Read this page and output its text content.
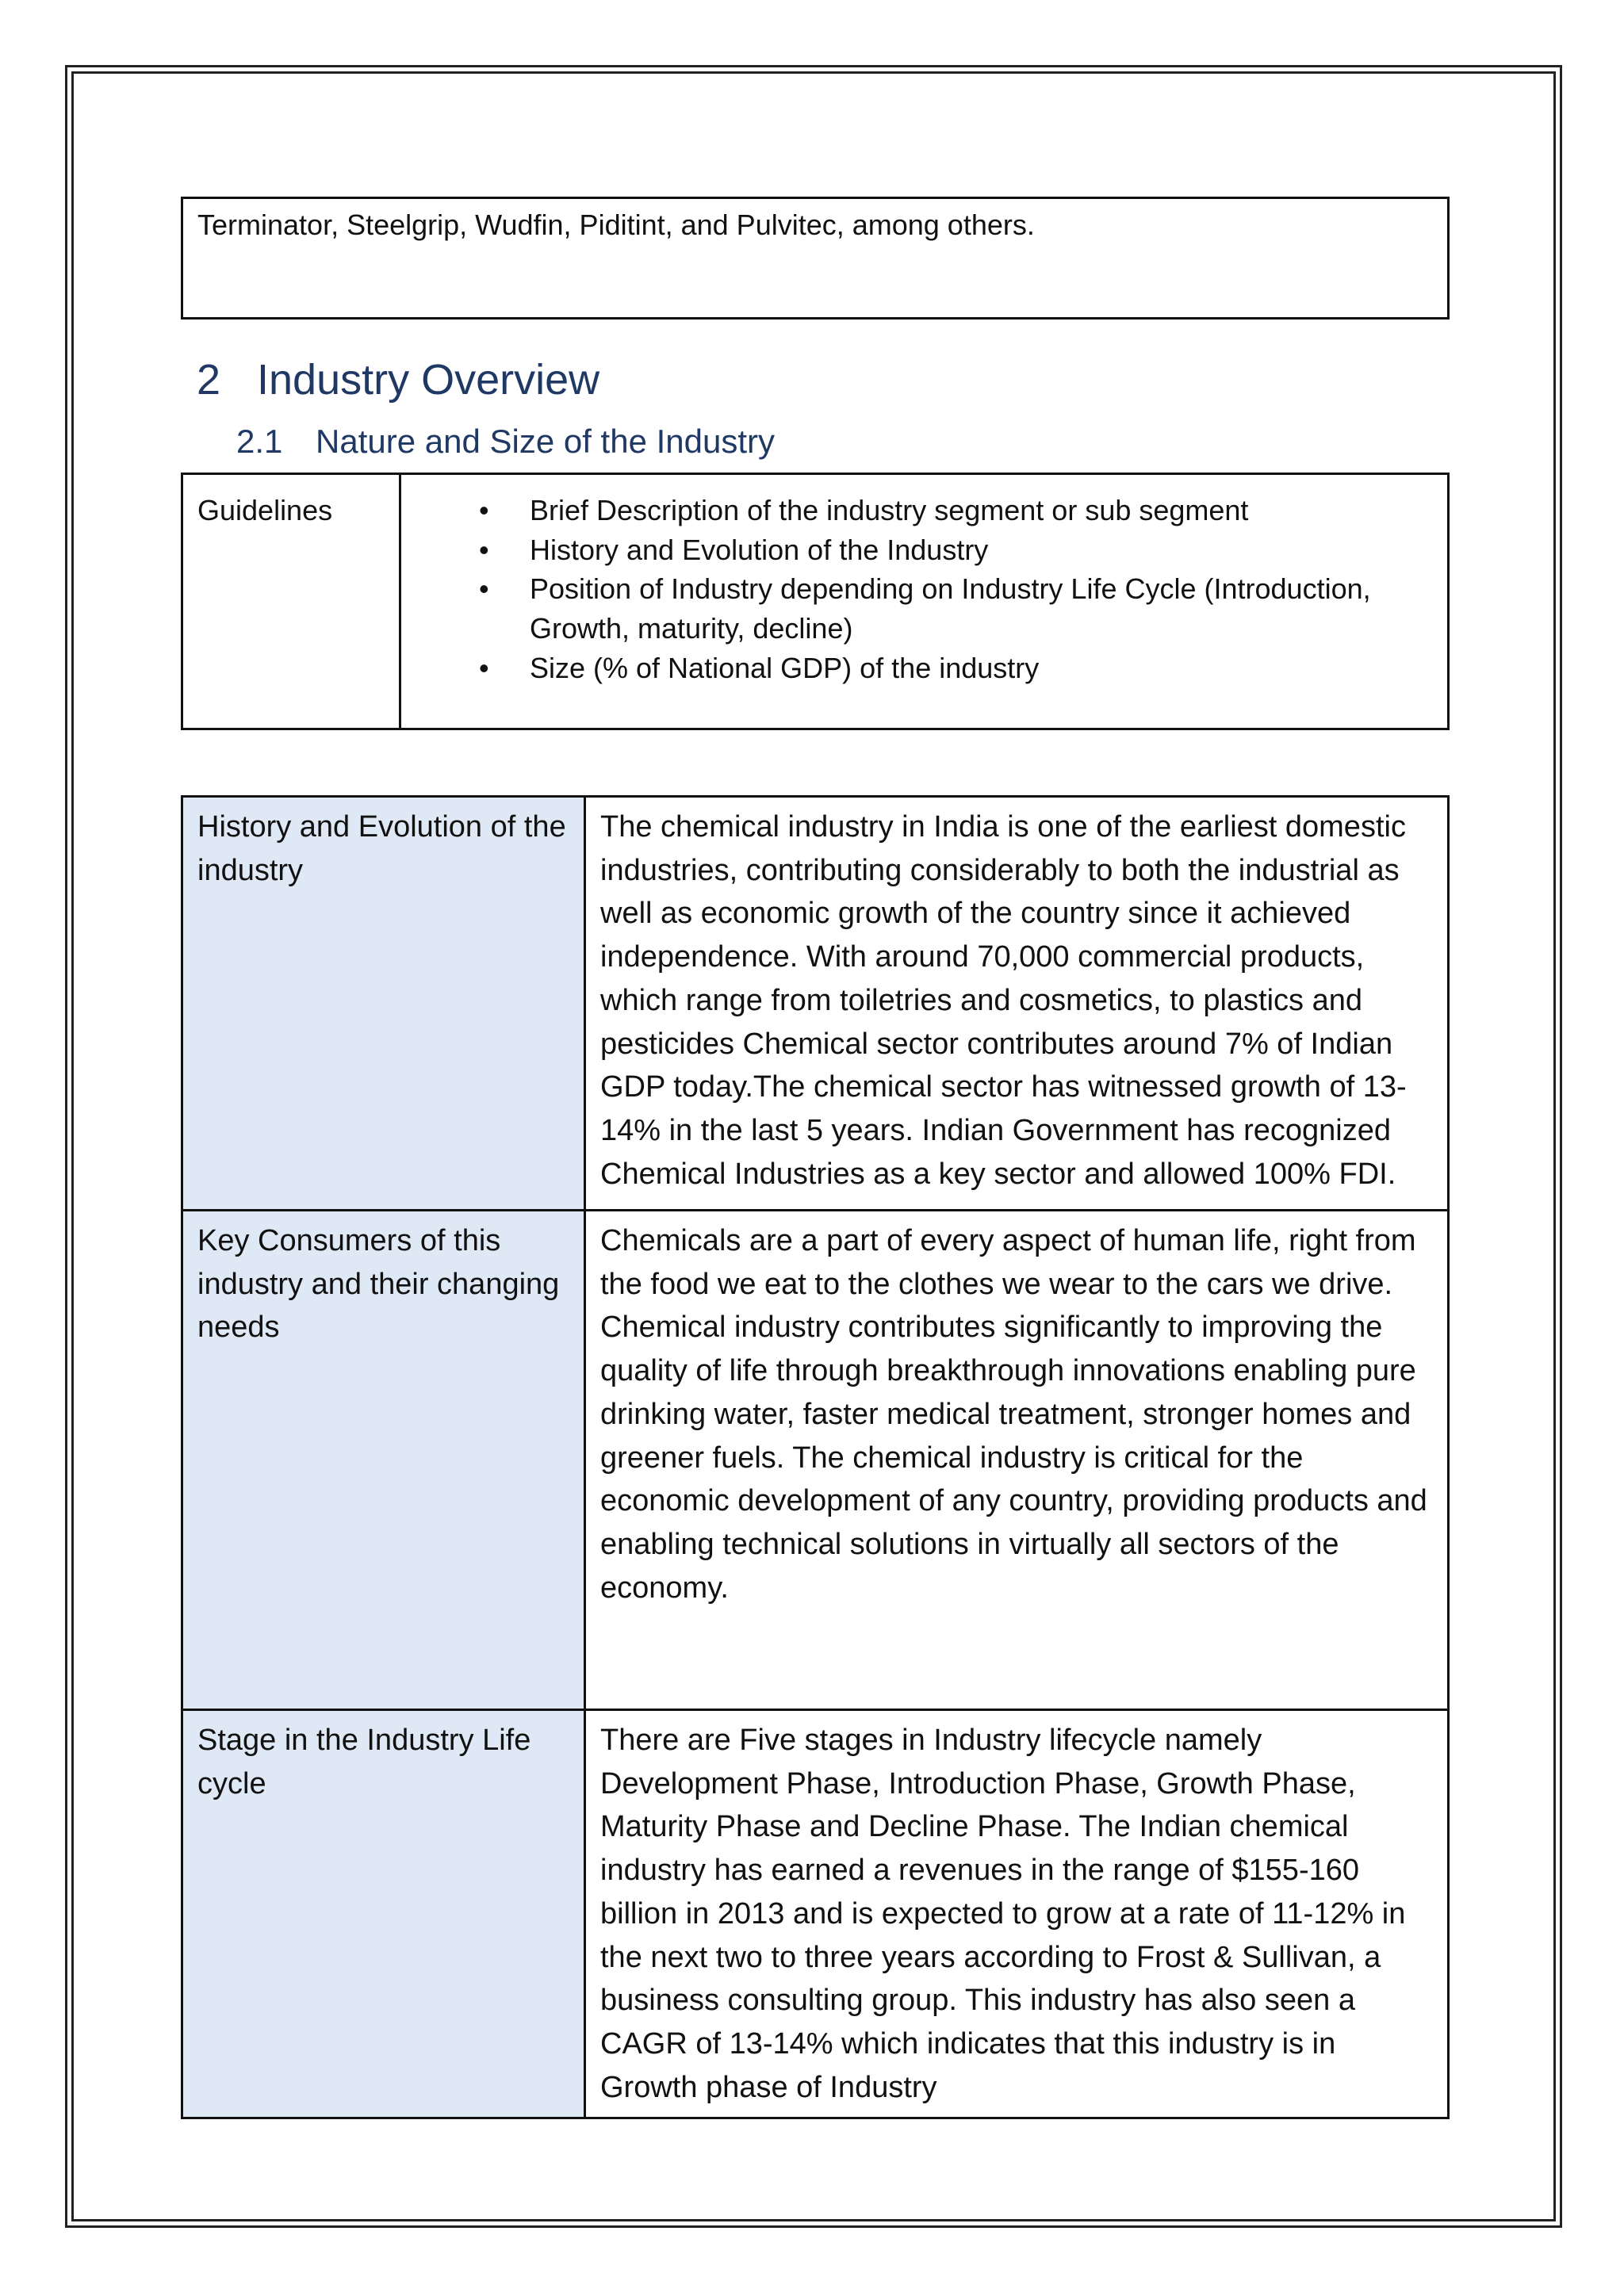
Terminator, Steelgrip, Wudfin, Piditint, and Pulvitec, among others.
2 Industry Overview
2.1 Nature and Size of the Industry
Guidelines	
•Brief Description of the industry segment or sub segment
• History and Evolution of the Industry
• Position of Industry depending on Industry Life Cycle (Introduction, Growth, maturity, decline)
• Size (% of National GDP) of the industry
History and Evolution of the industry	The chemical industry in India is one of the earliest domestic industries, contributing considerably to both the industrial as well as economic growth of the country since it achieved independence. With around 70,000 commercial products, which range from toiletries and cosmetics, to plastics and pesticides Chemical sector contributes around 7% of Indian GDP today.The chemical sector has witnessed growth of 13-14% in the last 5 years. Indian Government has recognized Chemical Industries as a key sector and allowed 100% FDI.
Key Consumers of this industry and their changing needs	Chemicals are a part of every aspect of human life, right from the food we eat to the clothes we wear to the cars we drive. Chemical industry contributes significantly to improving the quality of life through breakthrough innovations enabling pure drinking water, faster medical treatment, stronger homes and greener fuels. The chemical industry is critical for the economic development of any country, providing products and enabling technical solutions in virtually all sectors of the economy.
Stage in the Industry Life cycle	There are Five stages in Industry lifecycle namely Development Phase, Introduction Phase, Growth Phase, Maturity Phase and Decline Phase. The Indian chemical industry has earned a revenues in the range of $155-160 billion in 2013 and is expected to grow at a rate of 11-12% in the next two to three years according to Frost & Sullivan, a business consulting group. This industry has also seen a CAGR of 13-14% which indicates that this industry is in Growth phase of Industry
